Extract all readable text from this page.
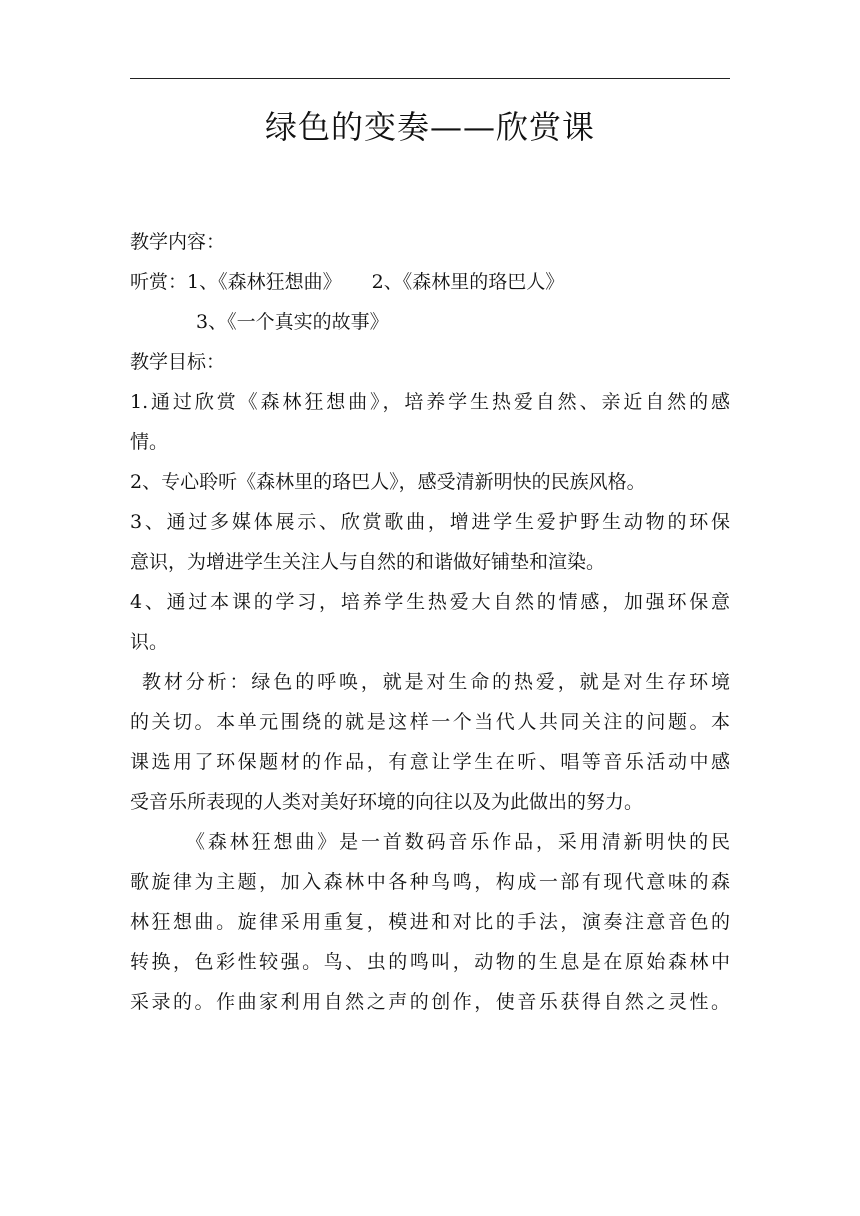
绿色的变奏——欣赏课
教学内容：
听赏：1、《森林狂想曲》 2、《森林里的珞巴人》
3、《一个真实的故事》
教学目标：
1.通过欣赏《森林狂想曲》，培养学生热爱自然、亲近自然的感
情。
2、专心聆听《森林里的珞巴人》，感受清新明快的民族风格。
3、通过多媒体展示、欣赏歌曲，增进学生爱护野生动物的环保
意识，为增进学生关注人与自然的和谐做好铺垫和渲染。
4、通过本课的学习，培养学生热爱大自然的情感，加强环保意
识。
教材分析：绿色的呼唤，就是对生命的热爱，就是对生存环境
的关切。本单元围绕的就是这样一个当代人共同关注的问题。本
课选用了环保题材的作品，有意让学生在听、唱等音乐活动中感
受音乐所表现的人类对美好环境的向往以及为此做出的努力。
《森林狂想曲》是一首数码音乐作品，采用清新明快的民
歌旋律为主题，加入森林中各种鸟鸣，构成一部有现代意味的森
林狂想曲。旋律采用重复，模进和对比的手法，演奏注意音色的
转换，色彩性较强。鸟、虫的鸣叫，动物的生息是在原始森林中
采录的。作曲家利用自然之声的创作，使音乐获得自然之灵性。
